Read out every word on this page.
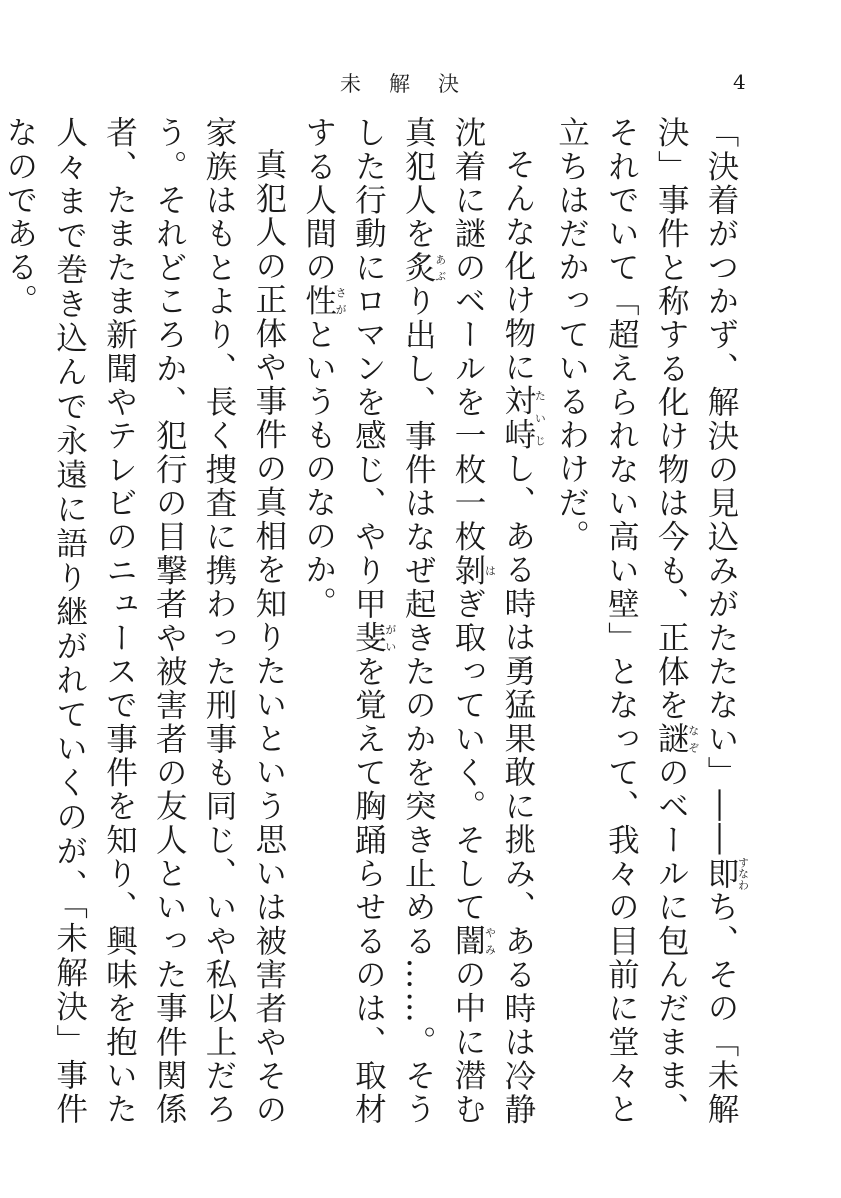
未解決	4

「決着がつかず、解決の見込みがたたない」――即すなわち、その「未解決」事件と称する化け物は今も、正体を謎なぞのベールに包んだまま、それでいて「超えられない高い壁」となって、我々の目前に堂々と立ちはだかっているわけだ。

そんな化け物に対峙たいじし、ある時は勇猛果敢に挑み、ある時は冷静沈着に謎のベールを一枚一枚剝はぎ取っていく。そして闇やみの中に潜む真犯人を炙あぶり出し、事件はなぜ起きたのかを突き止める……。そうした行動にロマンを感じ、やり甲斐がいを覚えて胸踊らせるのは、取材する人間の性さがというものなのか。

真犯人の正体や事件の真相を知りたいという思いは被害者やその家族はもとより、長く捜査に携わった刑事も同じ、いや私以上だろう。それどころか、犯行の目撃者や被害者の友人といった事件関係者、たまたま新聞やテレビのニュースで事件を知り、興味を抱いた人々まで巻き込んで永遠に語り継がれていくのが、「未解決」事件なのである。
